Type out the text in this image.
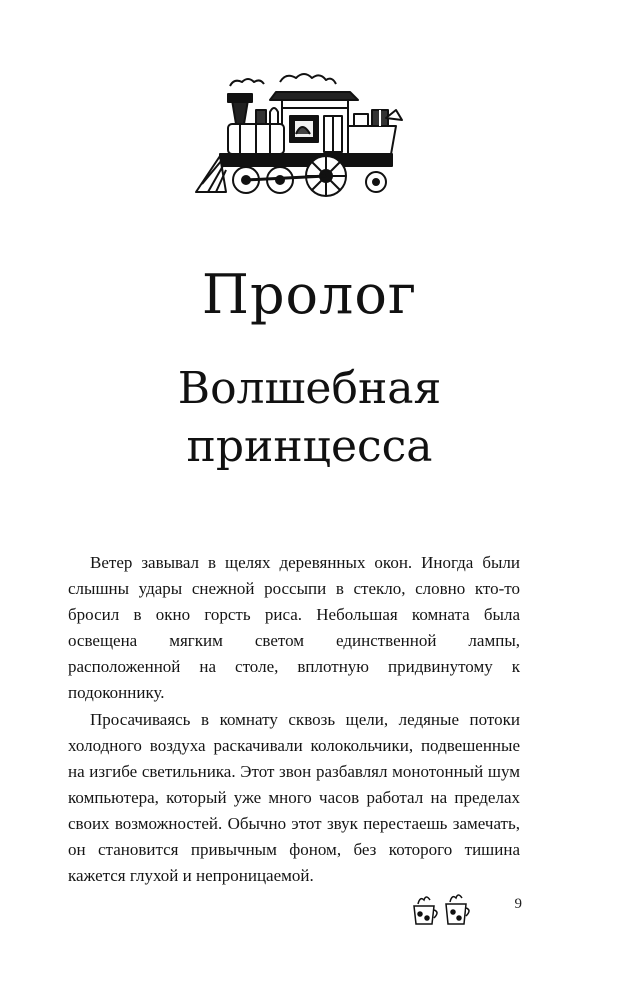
Пролог
Волшебная
принцесса

Ветер завывал в щелях деревянных окон. Иногда были слышны удары снежной россыпи в стекло, словно кто-то бросил в окно горсть риса. Небольшая комната была освещена мягким светом единственной лампы, расположенной на столе, вплотную придвинутому к подоконнику.

Просачиваясь в комнату сквозь щели, ледяные потоки холодного воздуха раскачивали колокольчики, подвешенные на изгибе светильника. Этот звон разбавлял монотонный шум компьютера, который уже много часов работал на пределах своих возможностей. Обычно этот звук перестаешь замечать, он становится привычным фоном, без которого тишина кажется глухой и непроницаемой.

9
